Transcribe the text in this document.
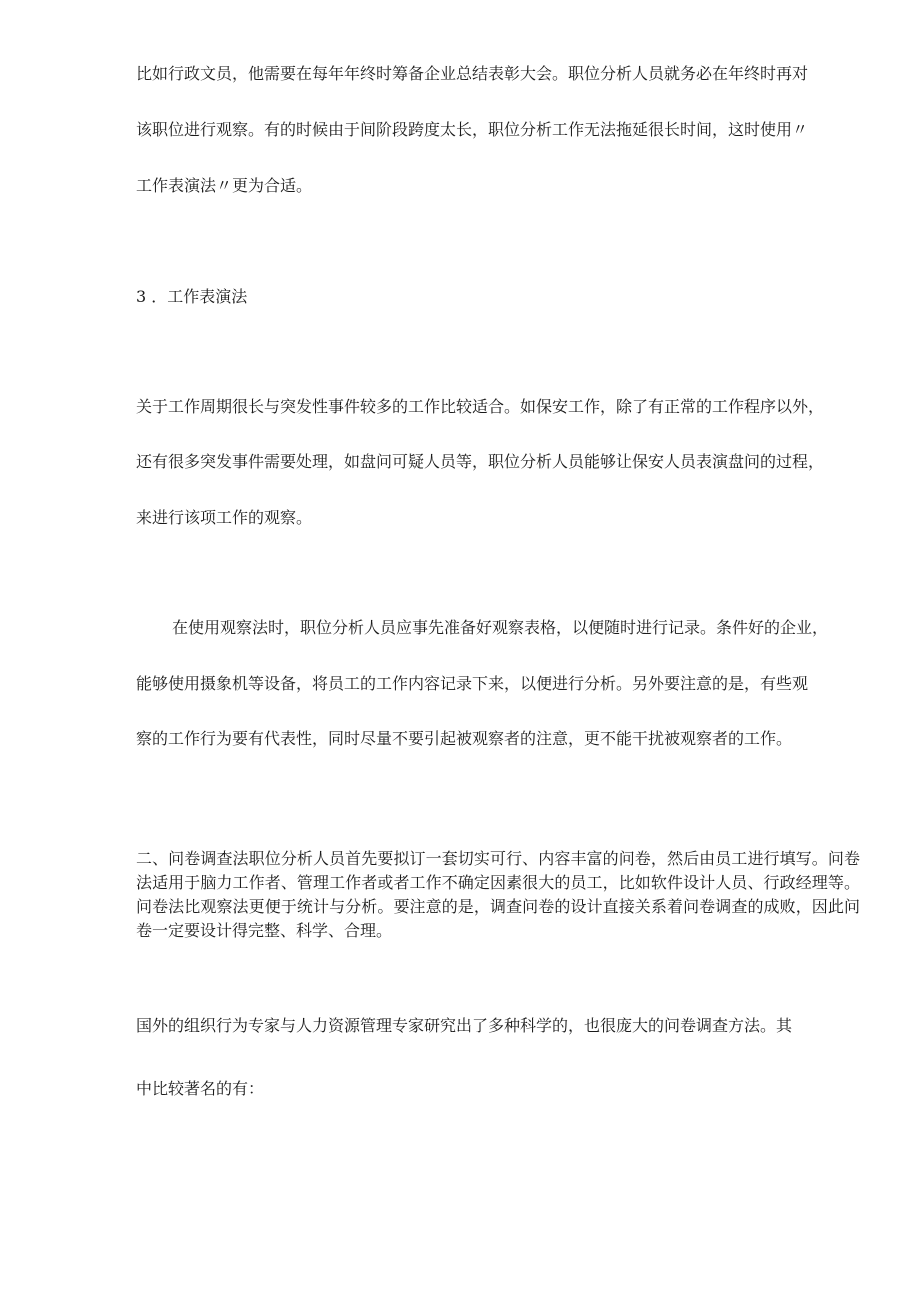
比如行政文员，他需要在每年年终时筹备企业总结表彰大会。职位分析人员就务必在年终时再对

该职位进行观察。有的时候由于间阶段跨度太长，职位分析工作无法拖延很长时间，这时使用〃

工作表演法〃更为合适。

3 ．工作表演法

关于工作周期很长与突发性事件较多的工作比较适合。如保安工作，除了有正常的工作程序以外，

还有很多突发事件需要处理，如盘问可疑人员等，职位分析人员能够让保安人员表演盘问的过程，

来进行该项工作的观察。

在使用观察法时，职位分析人员应事先准备好观察表格，以便随时进行记录。条件好的企业，

能够使用摄象机等设备，将员工的工作内容记录下来，以便进行分析。另外要注意的是，有些观

察的工作行为要有代表性，同时尽量不要引起被观察者的注意，更不能干扰被观察者的工作。

二、问卷调查法职位分析人员首先要拟订一套切实可行、内容丰富的问卷，然后由员工进行填写。问卷法适用于脑力工作者、管理工作者或者工作不确定因素很大的员工，比如软件设计人员、行政经理等。问卷法比观察法更便于统计与分析。要注意的是，调查问卷的设计直接关系着问卷调查的成败，因此问卷一定要设计得完整、科学、合理。

国外的组织行为专家与人力资源管理专家研究出了多种科学的，也很庞大的问卷调查方法。其

中比较著名的有：
